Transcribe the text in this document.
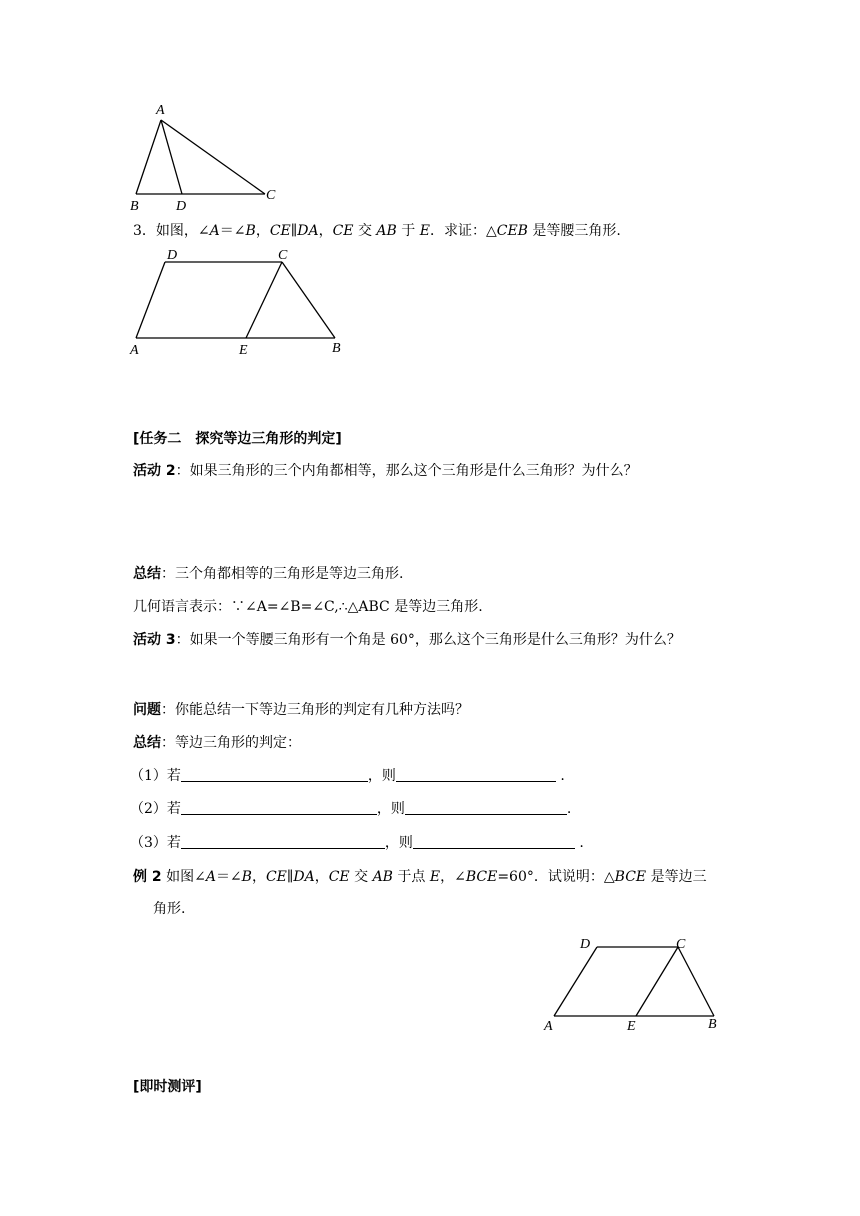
A
B	D
C
3．如图，∠A＝∠B，CE∥DA，CE 交 AB 于 E．求证：△CEB 是等腰三角形.
D	C
A	E	B
[任务二　探究等边三角形的判定]
活动 2：如果三角形的三个内角都相等，那么这个三角形是什么三角形？为什么？
总结：三个角都相等的三角形是等边三角形.
几何语言表示：∵∠A=∠B=∠C,∴△ABC 是等边三角形.
活动 3：如果一个等腰三角形有一个角是 60°，那么这个三角形是什么三角形？为什么？
问题：你能总结一下等边三角形的判定有几种方法吗？
总结：等边三角形的判定：
（1）若	，则	.
（2）若	，则	.
（3）若	，则	.
例 2 如图∠A＝∠B，CE∥DA，CE 交 AB 于点 E，∠BCE=60°．试说明：△BCE 是等边三
角形.
D	C
A	E	B
[即时测评]
